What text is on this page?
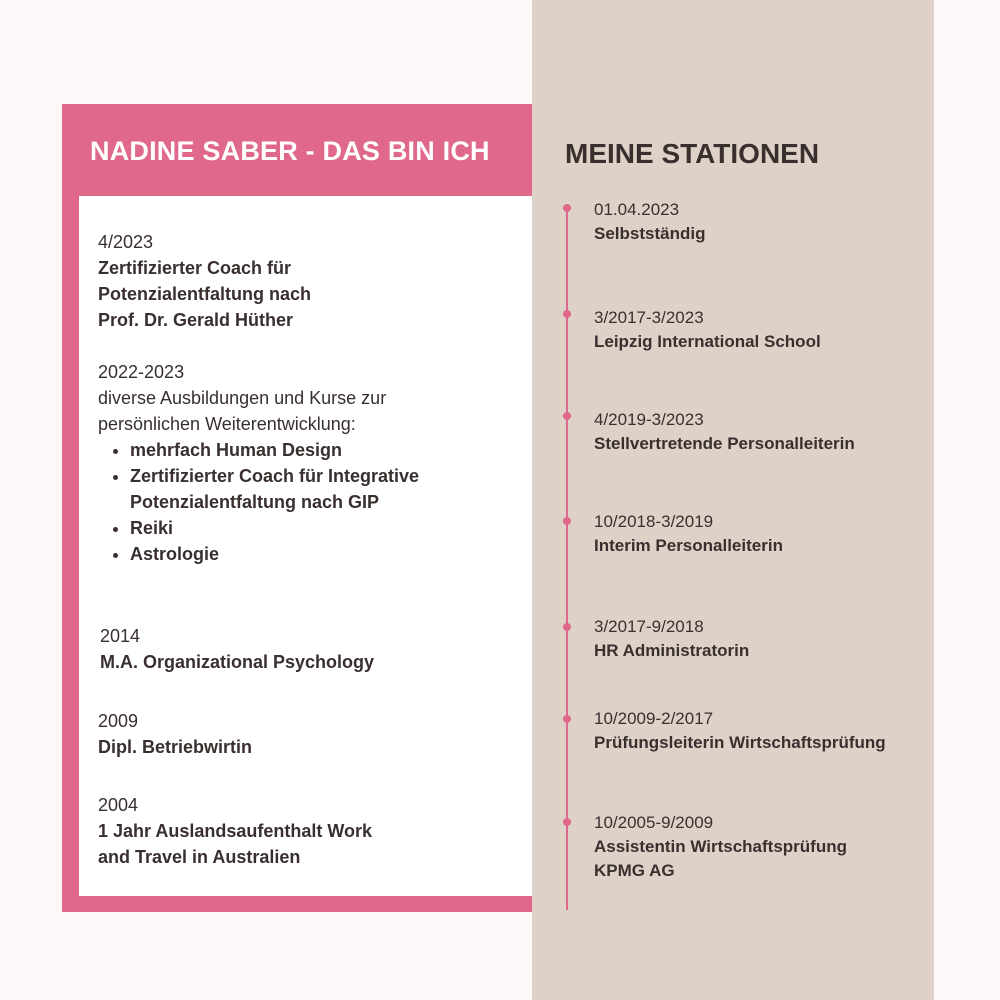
NADINE SABER - DAS BIN ICH	MEINE STATIONEN
4/2023
Zertifizierter Coach für
Potenzialentfaltung nach
Prof. Dr. Gerald Hüther
2022-2023
diverse Ausbildungen und Kurse zur
persönlichen Weiterentwicklung:
• mehrfach Human Design
• Zertifizierter Coach für Integrative Potenzialentfaltung nach GIP
• Reiki
• Astrologie
2014
M.A. Organizational Psychology
2009
Dipl. Betriebwirtin
2004
1 Jahr Auslandsaufenthalt Work
and Travel in Australien
01.04.2023
Selbstständig
3/2017-3/2023
Leipzig International School
4/2019-3/2023
Stellvertretende Personalleiterin
10/2018-3/2019
Interim Personalleiterin
3/2017-9/2018
HR Administratorin
10/2009-2/2017
Prüfungsleiterin Wirtschaftsprüfung
10/2005-9/2009
Assistentin Wirtschaftsprüfung
KPMG AG
